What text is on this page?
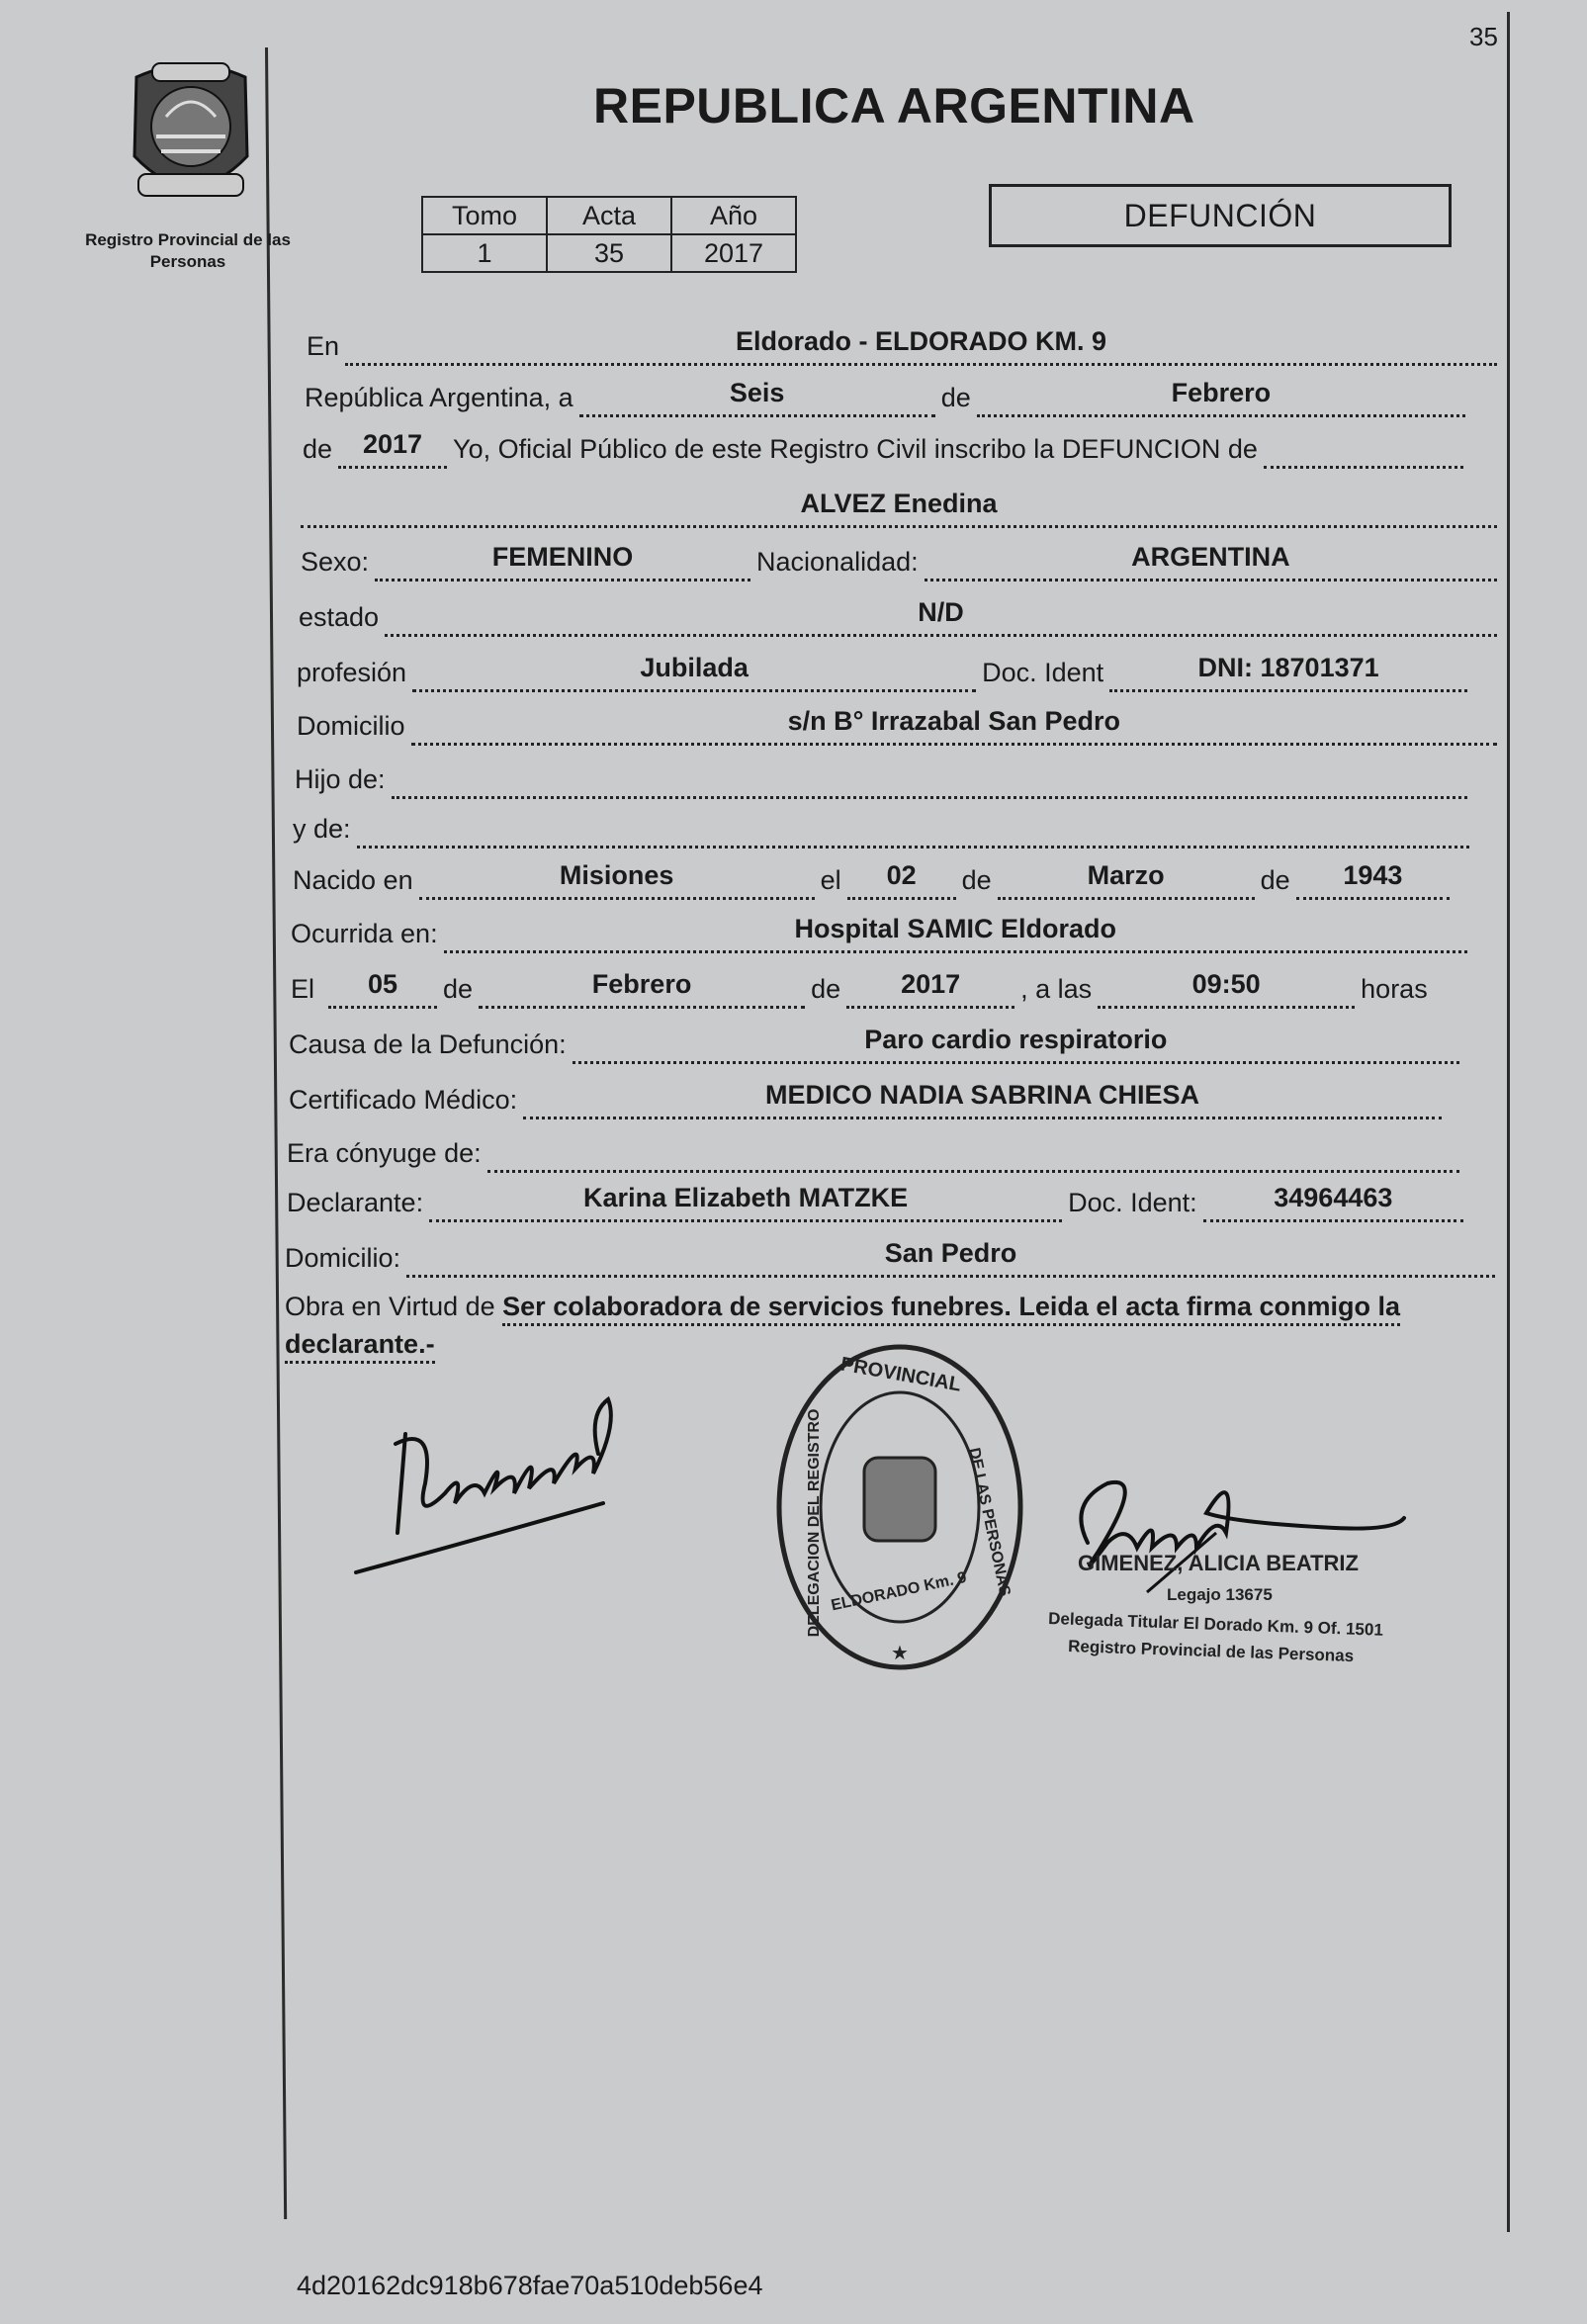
35
Registro Provincial de las Personas
REPUBLICA ARGENTINA
Tomo	Acta	Año
1	35	2017
DEFUNCIÓN
En	Eldorado - ELDORADO KM. 9
República Argentina, a	Seis	de	Febrero
de 2017 Yo, Oficial Público de este Registro Civil inscribo la DEFUNCION de
ALVEZ Enedina
Sexo:	FEMENINO	Nacionalidad:	ARGENTINA
estado	N/D
profesión	Jubilada	Doc. Ident	DNI: 18701371
Domicilio	s/n B° Irrazabal San Pedro
Hijo de:
y de:
Nacido en	Misiones	el 02 de	Marzo	de 1943
Ocurrida en:	Hospital SAMIC Eldorado
El 05 de	Febrero	de 2017 , a las	09:50	horas
Causa de la Defunción:	Paro cardio respiratorio
Certificado Médico:	MEDICO NADIA SABRINA CHIESA
Era cónyuge de:
Declarante:	Karina Elizabeth MATZKE	Doc. Ident:	34964463
Domicilio:	San Pedro
Obra en Virtud de Ser colaboradora de servicios funebres. Leida el acta firma conmigo la
declarante.-
PROVINCIAL
DELEGACION DEL REGISTRO	DE LAS PERSONAS
ELDORADO Km. 9
★
GIMENEZ, ALICIA BEATRIZ
Legajo 13675
Delegada Titular El Dorado Km. 9 Of. 1501
Registro Provincial de las Personas
4d20162dc918b678fae70a510deb56e4
